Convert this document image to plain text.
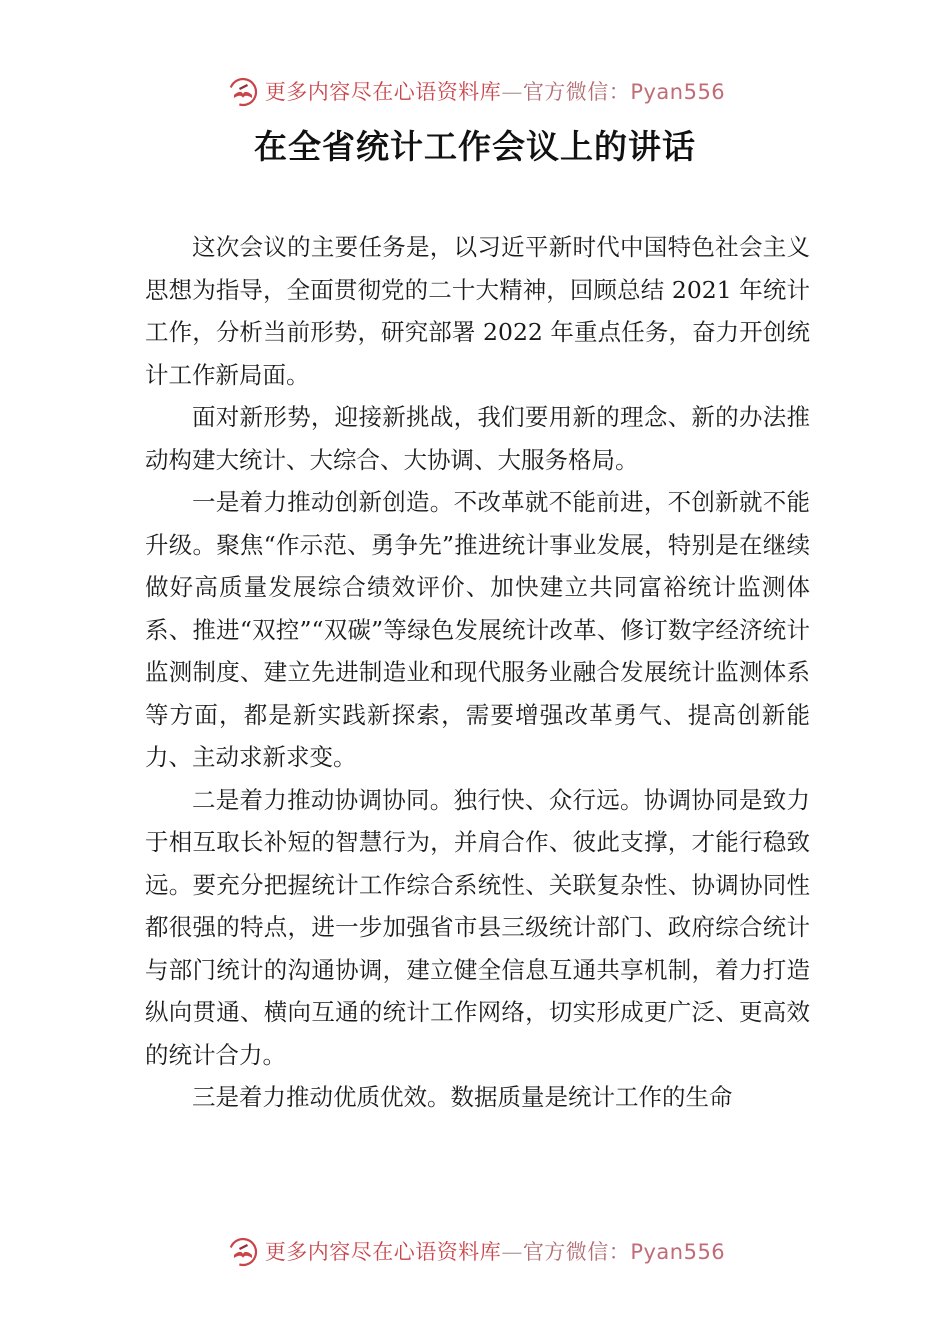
更多内容尽在心语资料库—官方微信：Pyan556
在全省统计工作会议上的讲话

这次会议的主要任务是，以习近平新时代中国特色社会主义思想为指导，全面贯彻党的二十大精神，回顾总结 2021 年统计工作，分析当前形势，研究部署 2022 年重点任务，奋力开创统计工作新局面。

面对新形势，迎接新挑战，我们要用新的理念、新的办法推动构建大统计、大综合、大协调、大服务格局。

一是着力推动创新创造。不改革就不能前进，不创新就不能升级。聚焦“作示范、勇争先”推进统计事业发展，特别是在继续做好高质量发展综合绩效评价、加快建立共同富裕统计监测体系、推进“双控”“双碳”等绿色发展统计改革、修订数字经济统计监测制度、建立先进制造业和现代服务业融合发展统计监测体系等方面，都是新实践新探索，需要增强改革勇气、提高创新能力、主动求新求变。

二是着力推动协调协同。独行快、众行远。协调协同是致力于相互取长补短的智慧行为，并肩合作、彼此支撑，才能行稳致远。要充分把握统计工作综合系统性、关联复杂性、协调协同性都很强的特点，进一步加强省市县三级统计部门、政府综合统计与部门统计的沟通协调，建立健全信息互通共享机制，着力打造纵向贯通、横向互通的统计工作网络，切实形成更广泛、更高效的统计合力。

三是着力推动优质优效。数据质量是统计工作的生命

更多内容尽在心语资料库—官方微信：Pyan556
